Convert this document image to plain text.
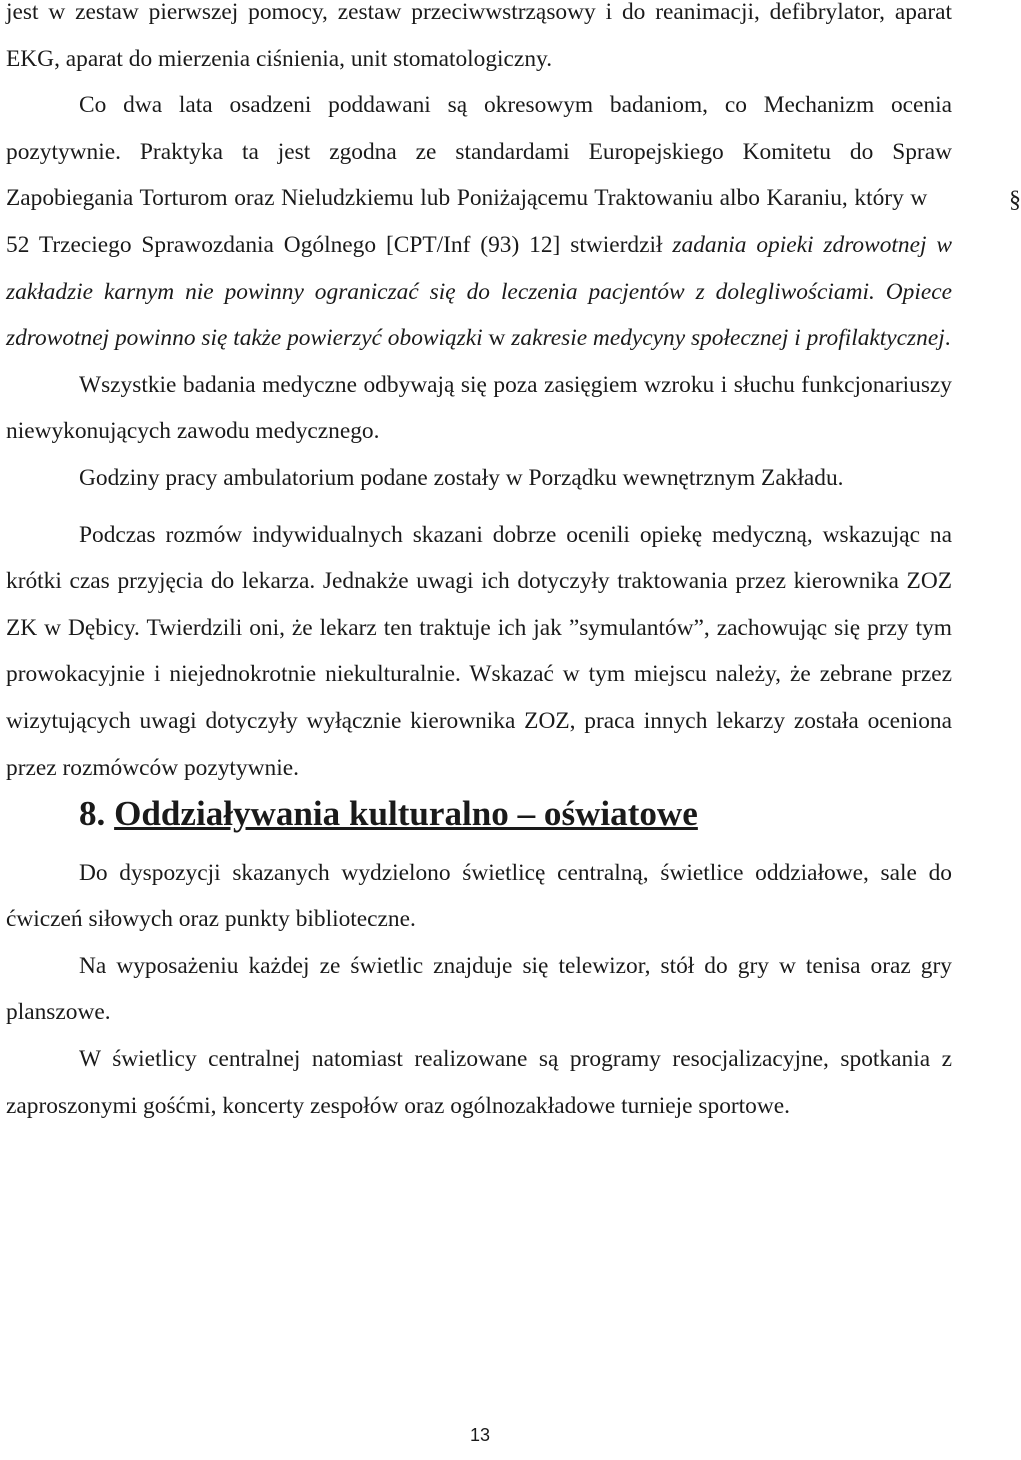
jest w zestaw pierwszej pomocy, zestaw przeciwwstrząsowy i do reanimacji, defibrylator, aparat EKG, aparat do mierzenia ciśnienia, unit stomatologiczny.

Co dwa lata osadzeni poddawani są okresowym badaniom, co Mechanizm ocenia pozytywnie. Praktyka ta jest zgodna ze standardami Europejskiego Komitetu do Spraw Zapobiegania Torturom oraz Nieludzkiemu lub Poniżającemu Traktowaniu albo Karaniu, który w	§ 52 Trzeciego Sprawozdania Ogólnego [CPT/Inf (93) 12] stwierdził zadania opieki zdrowotnej w zakładzie karnym nie powinny ograniczać się do leczenia pacjentów z dolegliwościami. Opiece zdrowotnej powinno się także powierzyć obowiązki w zakresie medycyny społecznej i profilaktycznej.

Wszystkie badania medyczne odbywają się poza zasięgiem wzroku i słuchu funkcjonariuszy niewykonujących zawodu medycznego.

Godziny pracy ambulatorium podane zostały w Porządku wewnętrznym Zakładu.

Podczas rozmów indywidualnych skazani dobrze ocenili opiekę medyczną, wskazując na krótki czas przyjęcia do lekarza. Jednakże uwagi ich dotyczyły traktowania przez kierownika ZOZ ZK w Dębicy. Twierdzili oni, że lekarz ten traktuje ich jak ”symulantów”, zachowując się przy tym prowokacyjnie i niejednokrotnie niekulturalnie. Wskazać w tym miejscu należy, że zebrane przez wizytujących uwagi dotyczyły wyłącznie kierownika ZOZ, praca innych lekarzy została oceniona przez rozmówców pozytywnie.

8. Oddziaływania kulturalno – oświatowe

Do dyspozycji skazanych wydzielono świetlicę centralną, świetlice oddziałowe, sale do ćwiczeń siłowych oraz punkty biblioteczne.

Na wyposażeniu każdej ze świetlic znajduje się telewizor, stół do gry w tenisa oraz gry planszowe.

W świetlicy centralnej natomiast realizowane są programy resocjalizacyjne, spotkania z zaproszonymi gośćmi, koncerty zespołów oraz ogólnozakładowe turnieje sportowe.

13
